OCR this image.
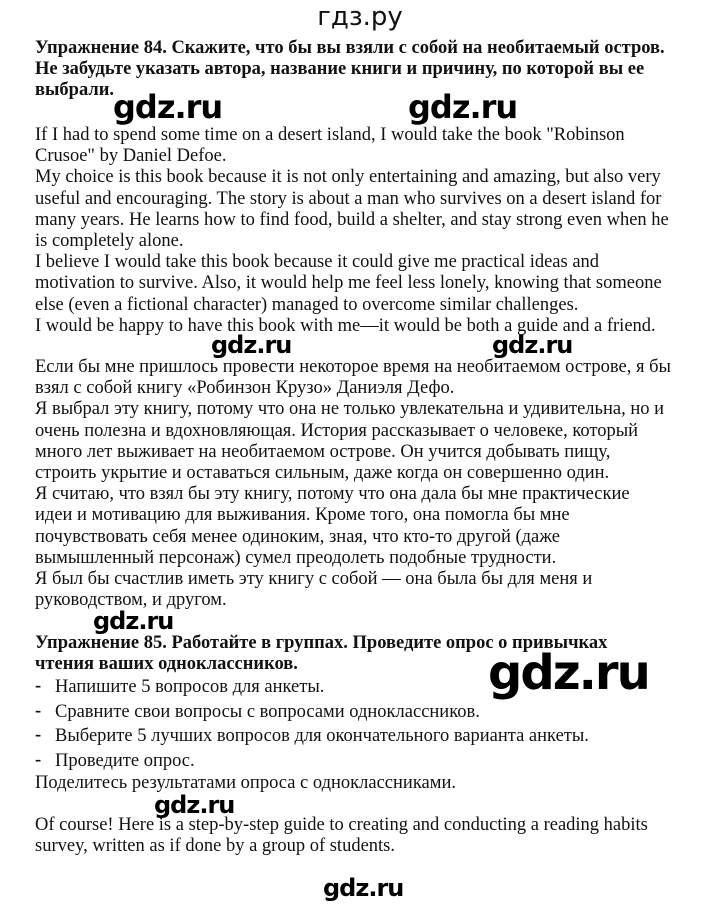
гдз.ру
Упражнение 84. Скажите, что бы вы взяли с собой на необитаемый остров.
Не забудьте указать автора, название книги и причину, по которой вы ее
выбрали.
If I had to spend some time on a desert island, I would take the book "Robinson
Crusoe" by Daniel Defoe.
My choice is this book because it is not only entertaining and amazing, but also very
useful and encouraging. The story is about a man who survives on a desert island for
many years. He learns how to find food, build a shelter, and stay strong even when he
is completely alone.
I believe I would take this book because it could give me practical ideas and
motivation to survive. Also, it would help me feel less lonely, knowing that someone
else (even a fictional character) managed to overcome similar challenges.
I would be happy to have this book with me—it would be both a guide and a friend.
Если бы мне пришлось провести некоторое время на необитаемом острове, я бы
взял с собой книгу «Робинзон Крузо» Даниэля Дефо.
Я выбрал эту книгу, потому что она не только увлекательна и удивительна, но и
очень полезна и вдохновляющая. История рассказывает о человеке, который
много лет выживает на необитаемом острове. Он учится добывать пищу,
строить укрытие и оставаться сильным, даже когда он совершенно один.
Я считаю, что взял бы эту книгу, потому что она дала бы мне практические
идеи и мотивацию для выживания. Кроме того, она помогла бы мне
почувствовать себя менее одиноким, зная, что кто-то другой (даже
вымышленный персонаж) сумел преодолеть подобные трудности.
Я был бы счастлив иметь эту книгу с собой — она была бы для меня и
руководством, и другом.
Упражнение 85. Работайте в группах. Проведите опрос о привычках
чтения ваших одноклассников.
- Напишите 5 вопросов для анкеты.
- Сравните свои вопросы с вопросами одноклассников.
- Выберите 5 лучших вопросов для окончательного варианта анкеты.
- Проведите опрос.
Поделитесь результатами опроса с одноклассниками.
Of course! Here is a step-by-step guide to creating and conducting a reading habits
survey, written as if done by a group of students.
gdz.ru	gdz.ru
gdz.ru	gdz.ru
gdz.ru
gdz.ru
gdz.ru
gdz.ru
